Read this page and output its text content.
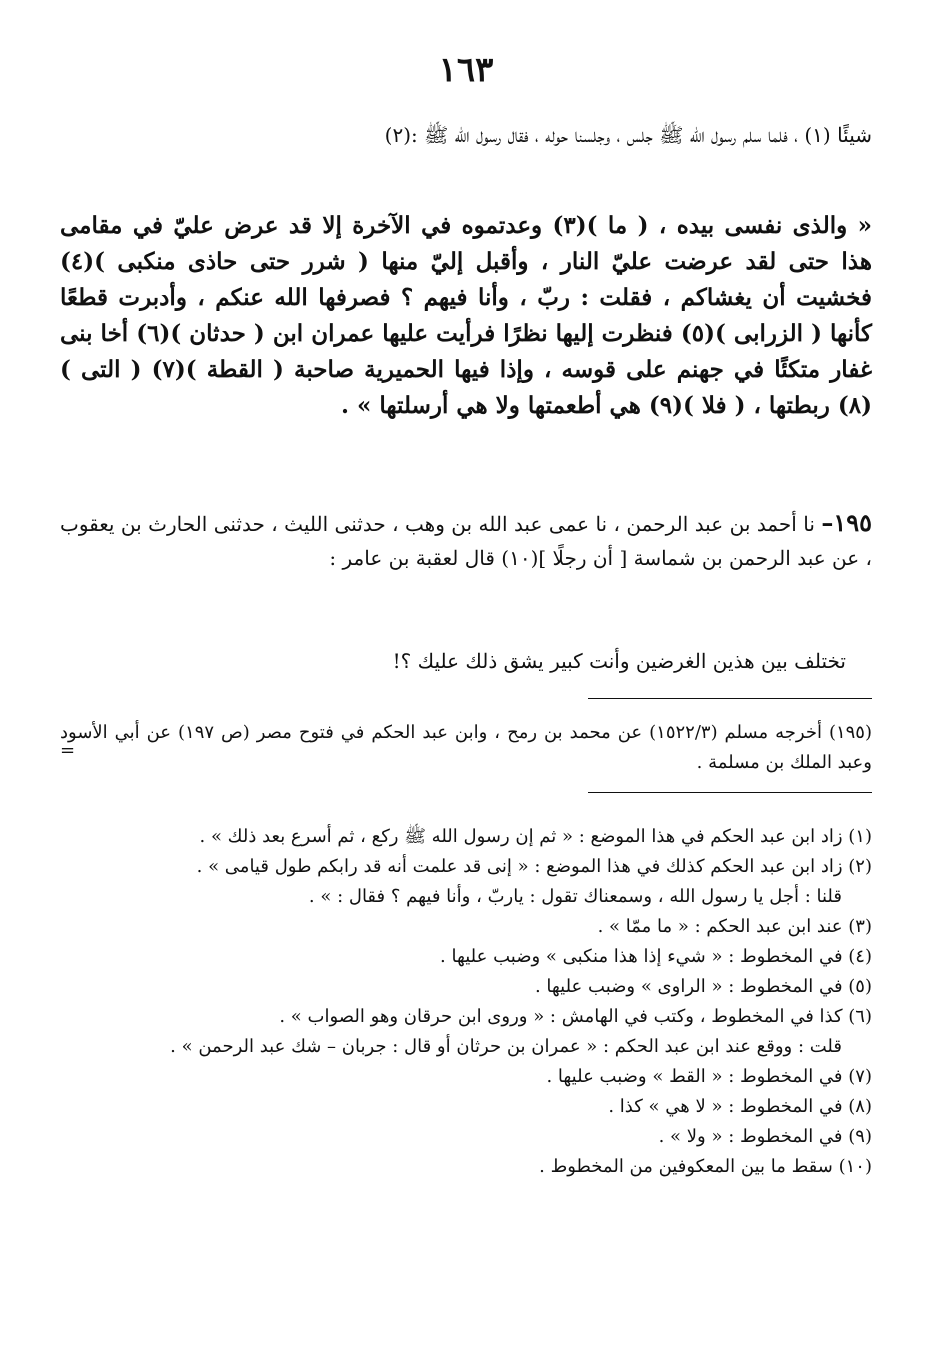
١٦٣

شيئًا (١) ، فلما سلم رسول الله ﷺ جلس ، وجلسنا حوله ، فقال رسول الله ﷺ :(٢)

« والذى نفسى بيده ، ( ما )(٣) وعدتموه في الآخرة إلا قد عرض عليّ في مقامى هذا حتى لقد عرضت عليّ النار ، وأقبل إليّ منها ( شرر حتى حاذى منكبى )(٤) فخشيت أن يغشاكم ، فقلت : ربّ ، وأنا فيهم ؟ فصرفها الله عنكم ، وأدبرت قطعًا كأنها ( الزرابى )(٥) فنظرت إليها نظرًا فرأيت عليها عمران ابن ( حدثان )(٦) أخا بنى غفار متكئًا في جهنم على قوسه ، وإذا فيها الحميرية صاحبة ( القطة )(٧) ( التى )(٨) ربطتها ، ( فلا )(٩) هي أطعمتها ولا هي أرسلتها » .

١٩٥– نا أحمد بن عبد الرحمن ، نا عمى عبد الله بن وهب ، حدثنى الليث ، حدثنى الحارث بن يعقوب ، عن عبد الرحمن بن شماسة [ أن رجلًا ](١٠) قال لعقبة بن عامر :

تختلف بين هذين الغرضين وأنت كبير يشق ذلك عليك ؟!

(١٩٥) أخرجه مسلم (١٥٢٢/٣) عن محمد بن رمح ، وابن عبد الحكم في فتوح مصر (ص ١٩٧) عن أبي الأسود وعبد الملك بن مسلمة .

=
(١) زاد ابن عبد الحكم في هذا الموضع : « ثم إن رسول الله ﷺ ركع ، ثم أسرع بعد ذلك » .
(٢) زاد ابن عبد الحكم كذلك في هذا الموضع : « إنى قد علمت أنه قد رابكم طول قيامى » .
قلنا : أجل يا رسول الله ، وسمعناك تقول : ياربّ ، وأنا فيهم ؟ فقال : » .
(٣) عند ابن عبد الحكم : « ما ممّا » .
(٤) في المخطوط : « شيء إذا هذا منكبى » وضبب عليها .
(٥) في المخطوط : « الراوى » وضبب عليها .
(٦) كذا في المخطوط ، وكتب في الهامش : « وروى ابن حرقان وهو الصواب » .
قلت : ووقع عند ابن عبد الحكم : « عمران بن حرثان أو قال : جربان – شك عبد الرحمن » .
(٧) في المخطوط : « القط » وضبب عليها .
(٨) في المخطوط : « لا هي » كذا .
(٩) في المخطوط : « ولا » .
(١٠) سقط ما بين المعكوفين من المخطوط .
